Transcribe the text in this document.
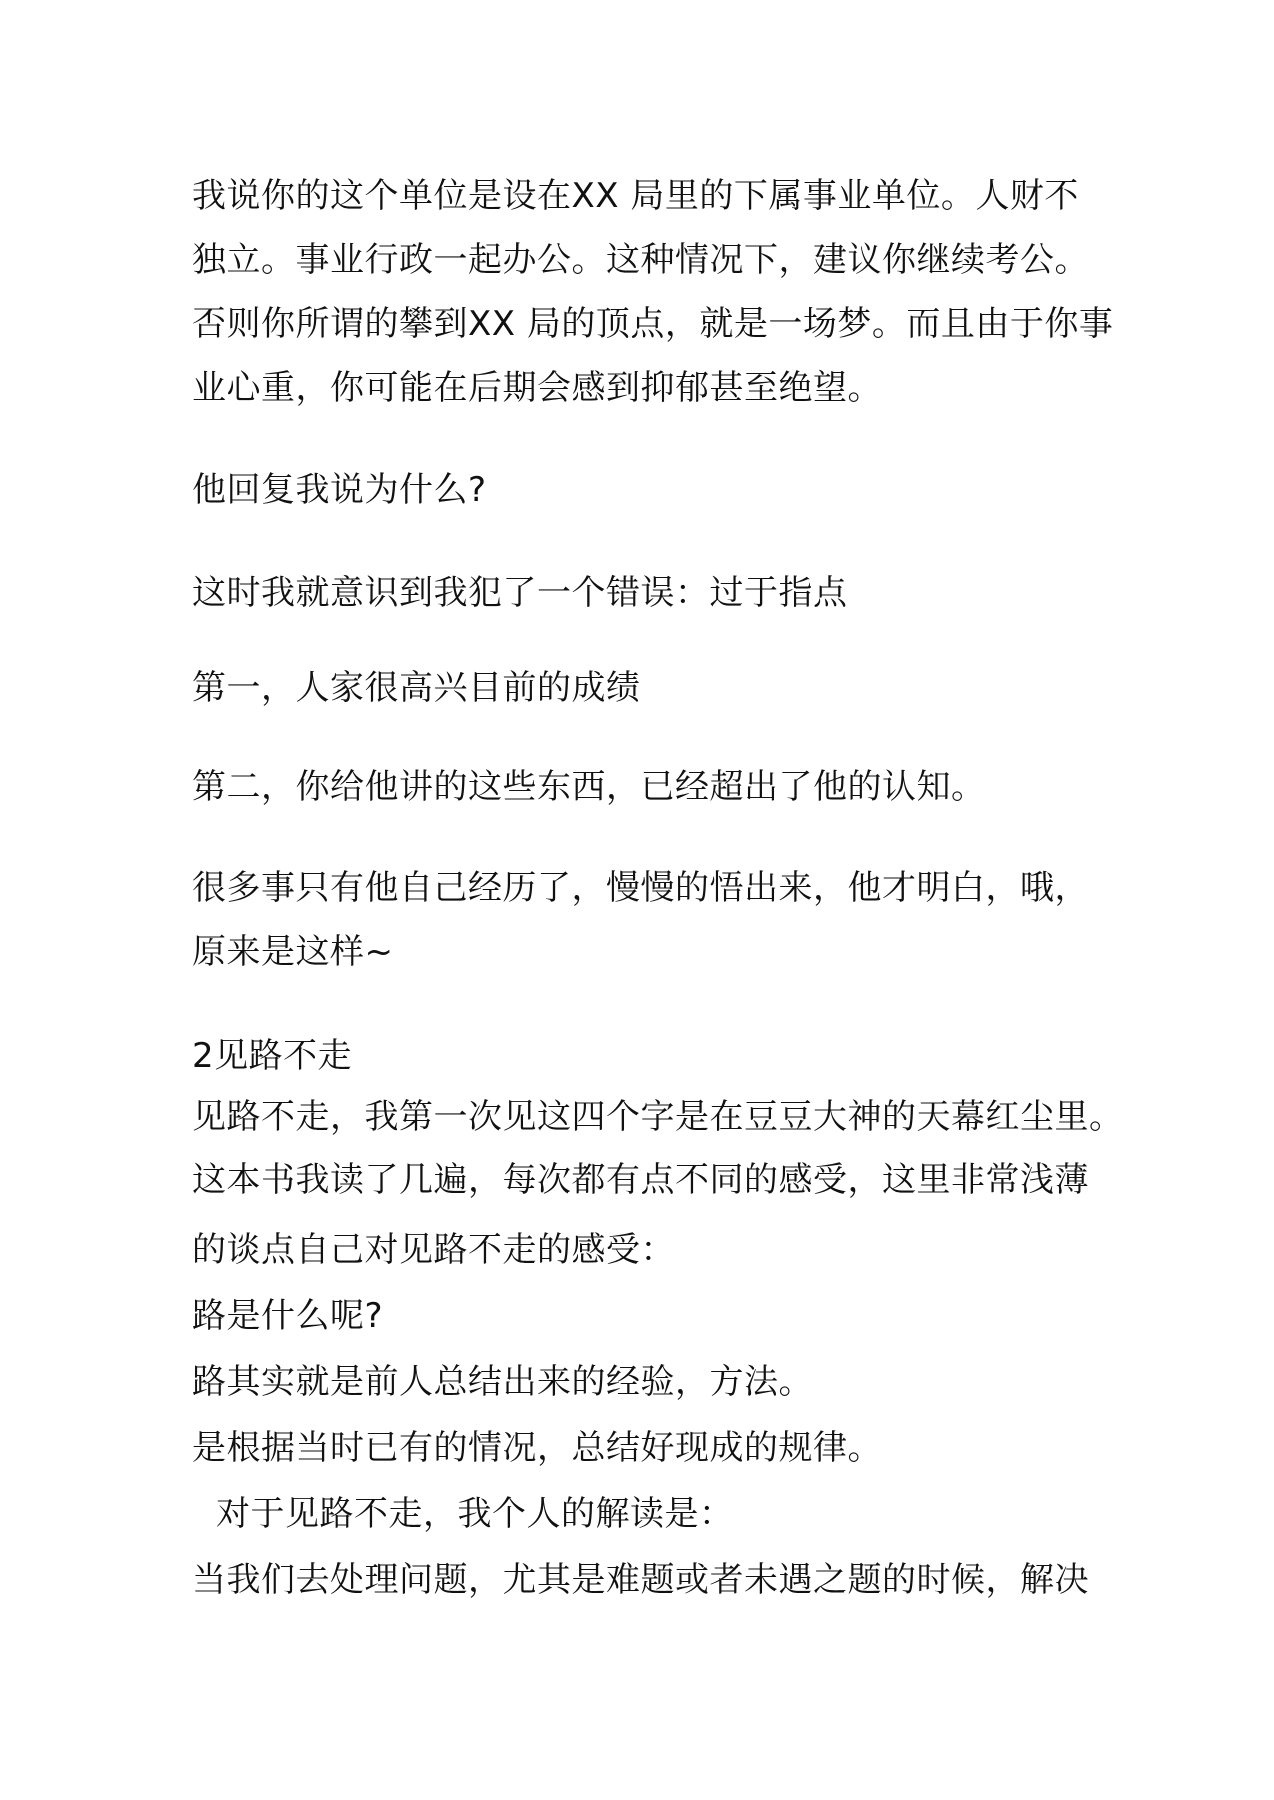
我说你的这个单位是设在XX 局里的下属事业单位。人财不

独立。事业行政一起办公。这种情况下，建议你继续考公。

否则你所谓的攀到XX 局的顶点，就是一场梦。而且由于你事

业心重，你可能在后期会感到抑郁甚至绝望。

他回复我说为什么?

这时我就意识到我犯了一个错误：过于指点

第一，人家很高兴目前的成绩

第二，你给他讲的这些东西，已经超出了他的认知。

很多事只有他自己经历了，慢慢的悟出来，他才明白，哦，

原来是这样~

2见路不走

见路不走，我第一次见这四个字是在豆豆大神的天幕红尘里。

这本书我读了几遍，每次都有点不同的感受，这里非常浅薄

的谈点自己对见路不走的感受：

路是什么呢?

路其实就是前人总结出来的经验，方法。

是根据当时已有的情况，总结好现成的规律。

对于见路不走，我个人的解读是：

当我们去处理问题，尤其是难题或者未遇之题的时候，解决
